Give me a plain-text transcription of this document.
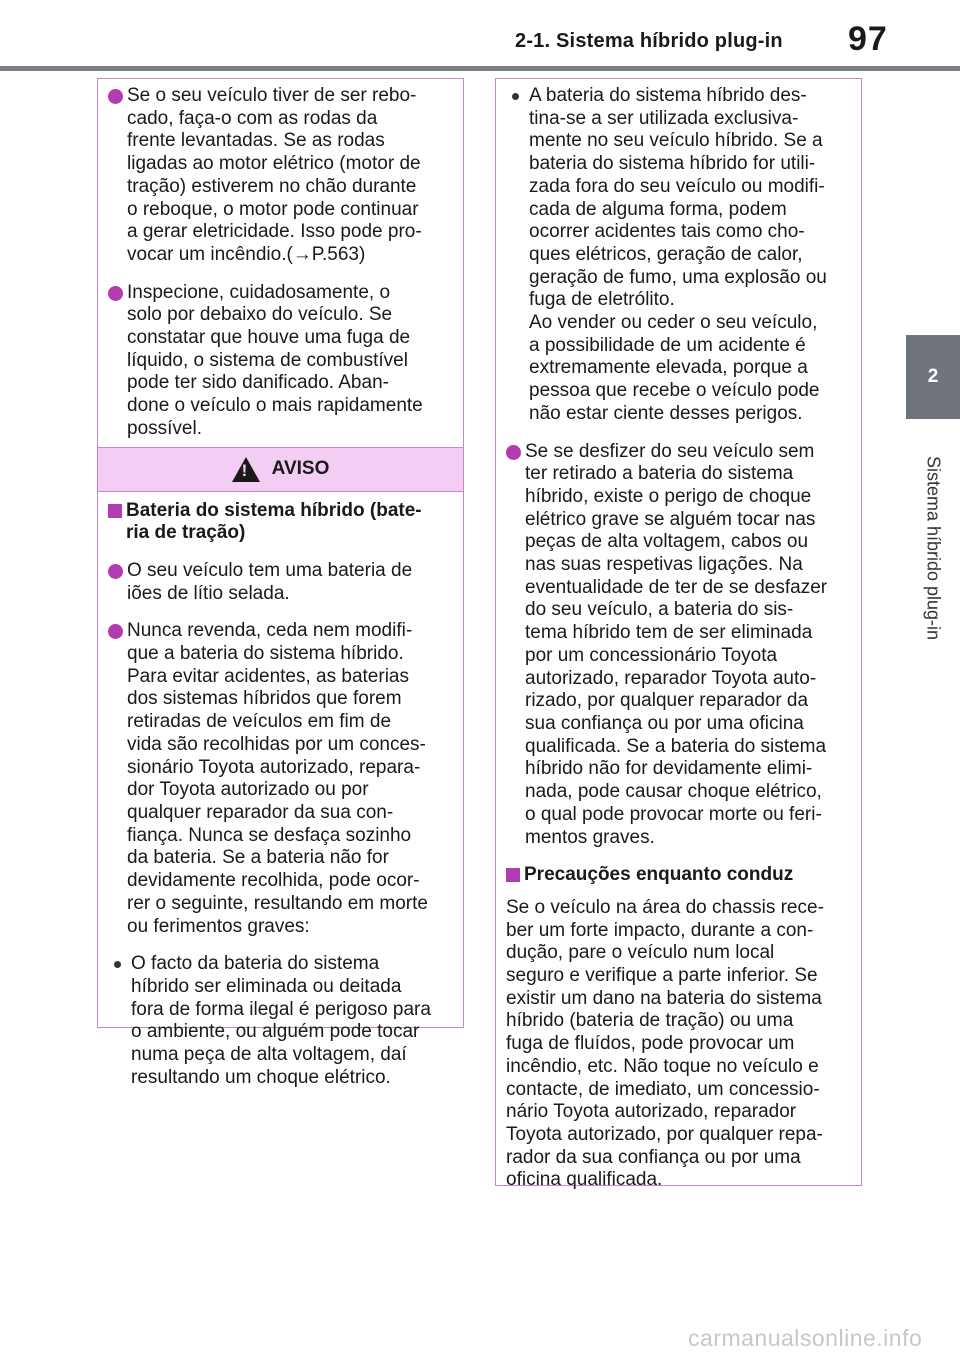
2-1. Sistema híbrido plug-in 97
2
Sistema híbrido plug-in
Se o seu veículo tiver de ser rebo-
cado, faça-o com as rodas da
frente levantadas. Se as rodas
ligadas ao motor elétrico (motor de
tração) estiverem no chão durante
o reboque, o motor pode continuar
a gerar eletricidade. Isso pode pro-
vocar um incêndio.(→P.563)
Inspecione, cuidadosamente, o
solo por debaixo do veículo. Se
constatar que houve uma fuga de
líquido, o sistema de combustível
pode ter sido danificado. Aban-
done o veículo o mais rapidamente
possível.
!
AVISO
Bateria do sistema híbrido (bate-
ria de tração)
O seu veículo tem uma bateria de
iões de lítio selada.
Nunca revenda, ceda nem modifi-
que a bateria do sistema híbrido.
Para evitar acidentes, as baterias
dos sistemas híbridos que forem
retiradas de veículos em fim de
vida são recolhidas por um conces-
sionário Toyota autorizado, repara-
dor Toyota autorizado ou por
qualquer reparador da sua con-
fiança. Nunca se desfaça sozinho
da bateria. Se a bateria não for
devidamente recolhida, pode ocor-
rer o seguinte, resultando em morte
ou ferimentos graves:
O facto da bateria do sistema
híbrido ser eliminada ou deitada
fora de forma ilegal é perigoso para
o ambiente, ou alguém pode tocar
numa peça de alta voltagem, daí
resultando um choque elétrico.
A bateria do sistema híbrido des-
tina-se a ser utilizada exclusiva-
mente no seu veículo híbrido. Se a
bateria do sistema híbrido for utili-
zada fora do seu veículo ou modifi-
cada de alguma forma, podem
ocorrer acidentes tais como cho-
ques elétricos, geração de calor,
geração de fumo, uma explosão ou
fuga de eletrólito.
Ao vender ou ceder o seu veículo,
a possibilidade de um acidente é
extremamente elevada, porque a
pessoa que recebe o veículo pode
não estar ciente desses perigos.
Se se desfizer do seu veículo sem
ter retirado a bateria do sistema
híbrido, existe o perigo de choque
elétrico grave se alguém tocar nas
peças de alta voltagem, cabos ou
nas suas respetivas ligações. Na
eventualidade de ter de se desfazer
do seu veículo, a bateria do sis-
tema híbrido tem de ser eliminada
por um concessionário Toyota
autorizado, reparador Toyota auto-
rizado, por qualquer reparador da
sua confiança ou por uma oficina
qualificada. Se a bateria do sistema
híbrido não for devidamente elimi-
nada, pode causar choque elétrico,
o qual pode provocar morte ou feri-
mentos graves.
Precauções enquanto conduz
Se o veículo na área do chassis rece-
ber um forte impacto, durante a con-
dução, pare o veículo num local
seguro e verifique a parte inferior. Se
existir um dano na bateria do sistema
híbrido (bateria de tração) ou uma
fuga de fluídos, pode provocar um
incêndio, etc. Não toque no veículo e
contacte, de imediato, um concessio-
nário Toyota autorizado, reparador
Toyota autorizado, por qualquer repa-
rador da sua confiança ou por uma
oficina qualificada.
carmanualsonline.info
